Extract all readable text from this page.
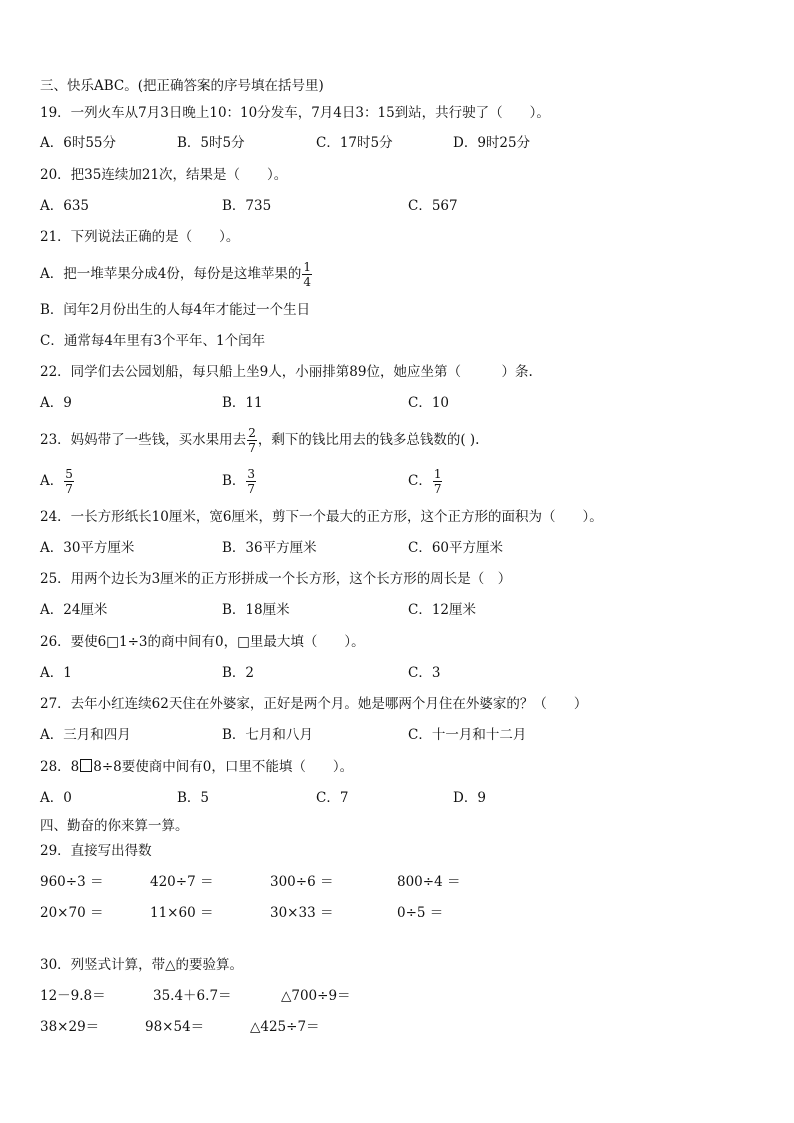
三、快乐ABC。(把正确答案的序号填在括号里)
19．一列火车从7月3日晚上10：10分发车，7月4日3：15到站，共行驶了（　　）。
A．6时55分	B．5时5分	C．17时5分	D．9时25分
20．把35连续加21次，结果是（　　）。
A．635	B．735	C．567
21．下列说法正确的是（　　）。
A．把一堆苹果分成4份，每份是这堆苹果的 $\frac{1}{4}$
B．闰年2月份出生的人每4年才能过一个生日
C．通常每4年里有3个平年、1个闰年
22．同学们去公园划船，每只船上坐9人，小丽排第89位，她应坐第（　　　）条.
A．9	B．11	C．10
23．妈妈带了一些钱，买水果用去 $\frac{2}{7}$ ，剩下的钱比用去的钱多总钱数的( ).
A． $\frac{5}{7}$	B． $\frac{3}{7}$	C． $\frac{1}{7}$
24．一长方形纸长10厘米，宽6厘米，剪下一个最大的正方形，这个正方形的面积为（　　）。
A．30平方厘米	B．36平方厘米	C．60平方厘米
25．用两个边长为3厘米的正方形拼成一个长方形，这个长方形的周长是（　）
A．24厘米	B．18厘米	C．12厘米
26．要使6□1÷3的商中间有0，□里最大填（　　）。
A．1	B．2	C．3
27．去年小红连续62天住在外婆家，正好是两个月。她是哪两个月住在外婆家的？（　　）
A．三月和四月	B．七月和八月	C．十一月和十二月
28．8 8÷8要使商中间有0，口里不能填（　　）。
A．0	B．5	C．7	D．9
四、勤奋的你来算一算。
29．直接写出得数
960÷3 ＝	420÷7 ＝	300÷6 ＝	800÷4 ＝
20×70 ＝	11×60 ＝	30×33 ＝	0÷5 ＝
30．列竖式计算，带△的要验算。
12－9.8＝	35.4＋6.7＝	△700÷9＝
38×29＝	98×54＝	△425÷7＝
